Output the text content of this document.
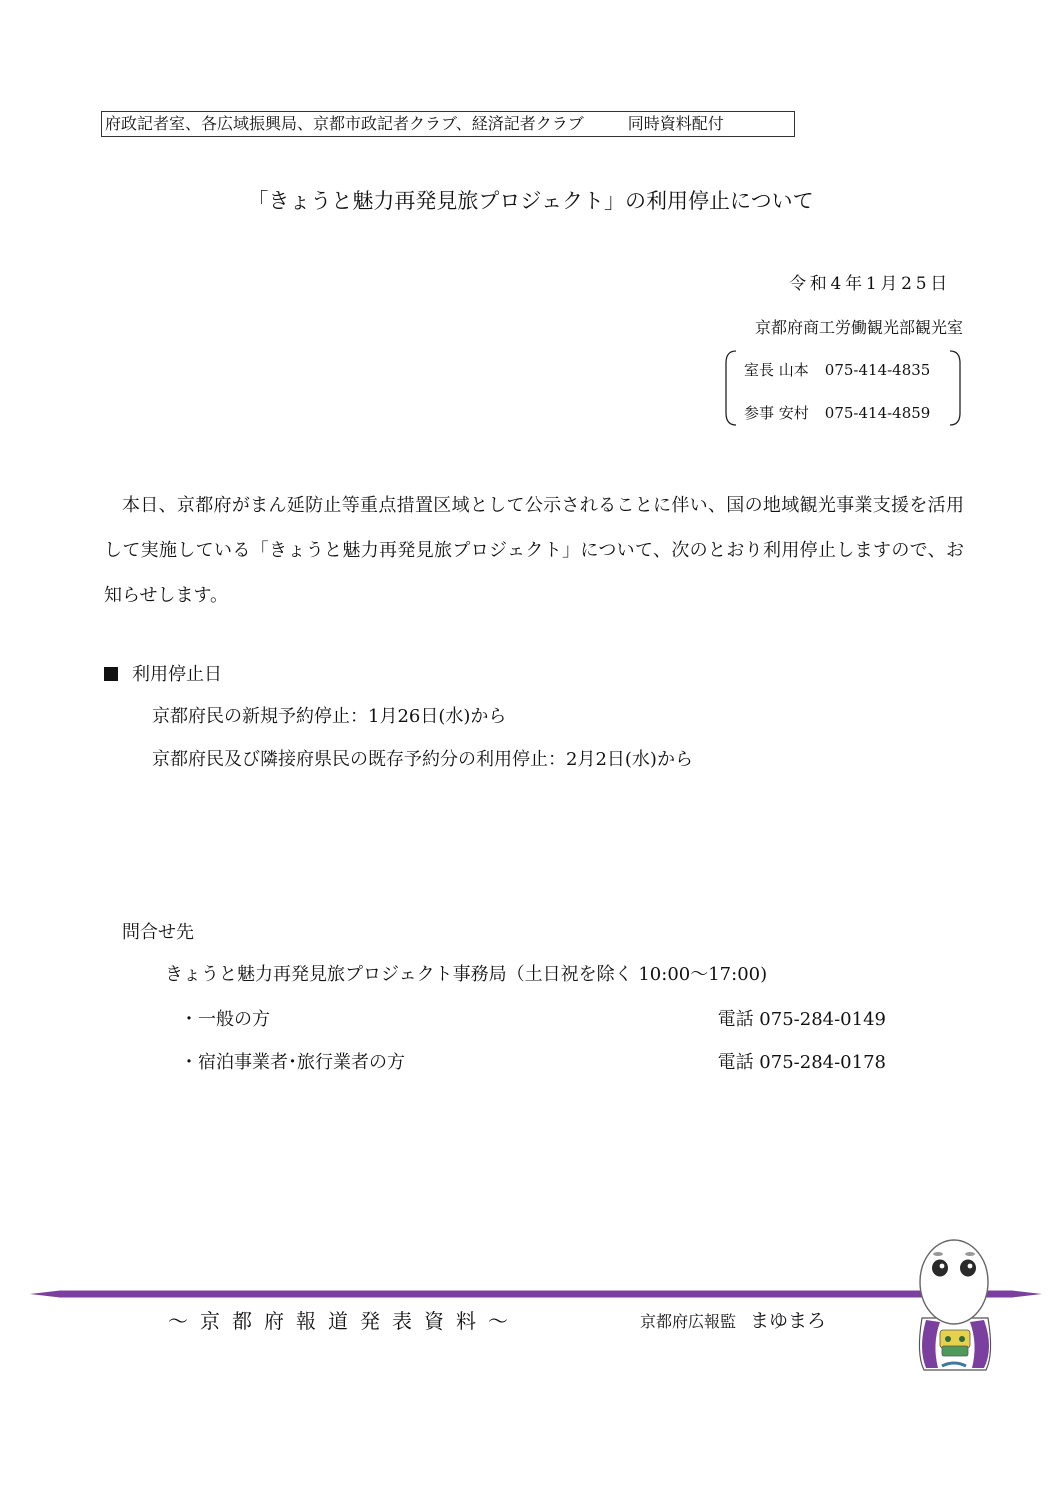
府政記者室、各広域振興局、京都市政記者クラブ、経済記者クラブ	同時資料配付
「きょうと魅力再発見旅プロジェクト」の利用停止について
令和4年1月25日
京都府商工労働観光部観光室
室長 山本 075-414-4835
参事 安村 075-414-4859

本日、京都府がまん延防止等重点措置区域として公示されることに伴い、国の地域観光事業支援を活用して実施している「きょうと魅力再発見旅プロジェクト」について、次のとおり利用停止しますので、お知らせします。

利用停止日
京都府民の新規予約停止：1月26日(水)から
京都府民及び隣接府県民の既存予約分の利用停止：2月2日(水)から
問合せ先
きょうと魅力再発見旅プロジェクト事務局（土日祝を除く 10:00～17:00)
・一般の方	電話 075-284-0149
・宿泊事業者･旅行業者の方	電話 075-284-0178
～京都府報道発表資料～	京都府広報監 まゆまろ
